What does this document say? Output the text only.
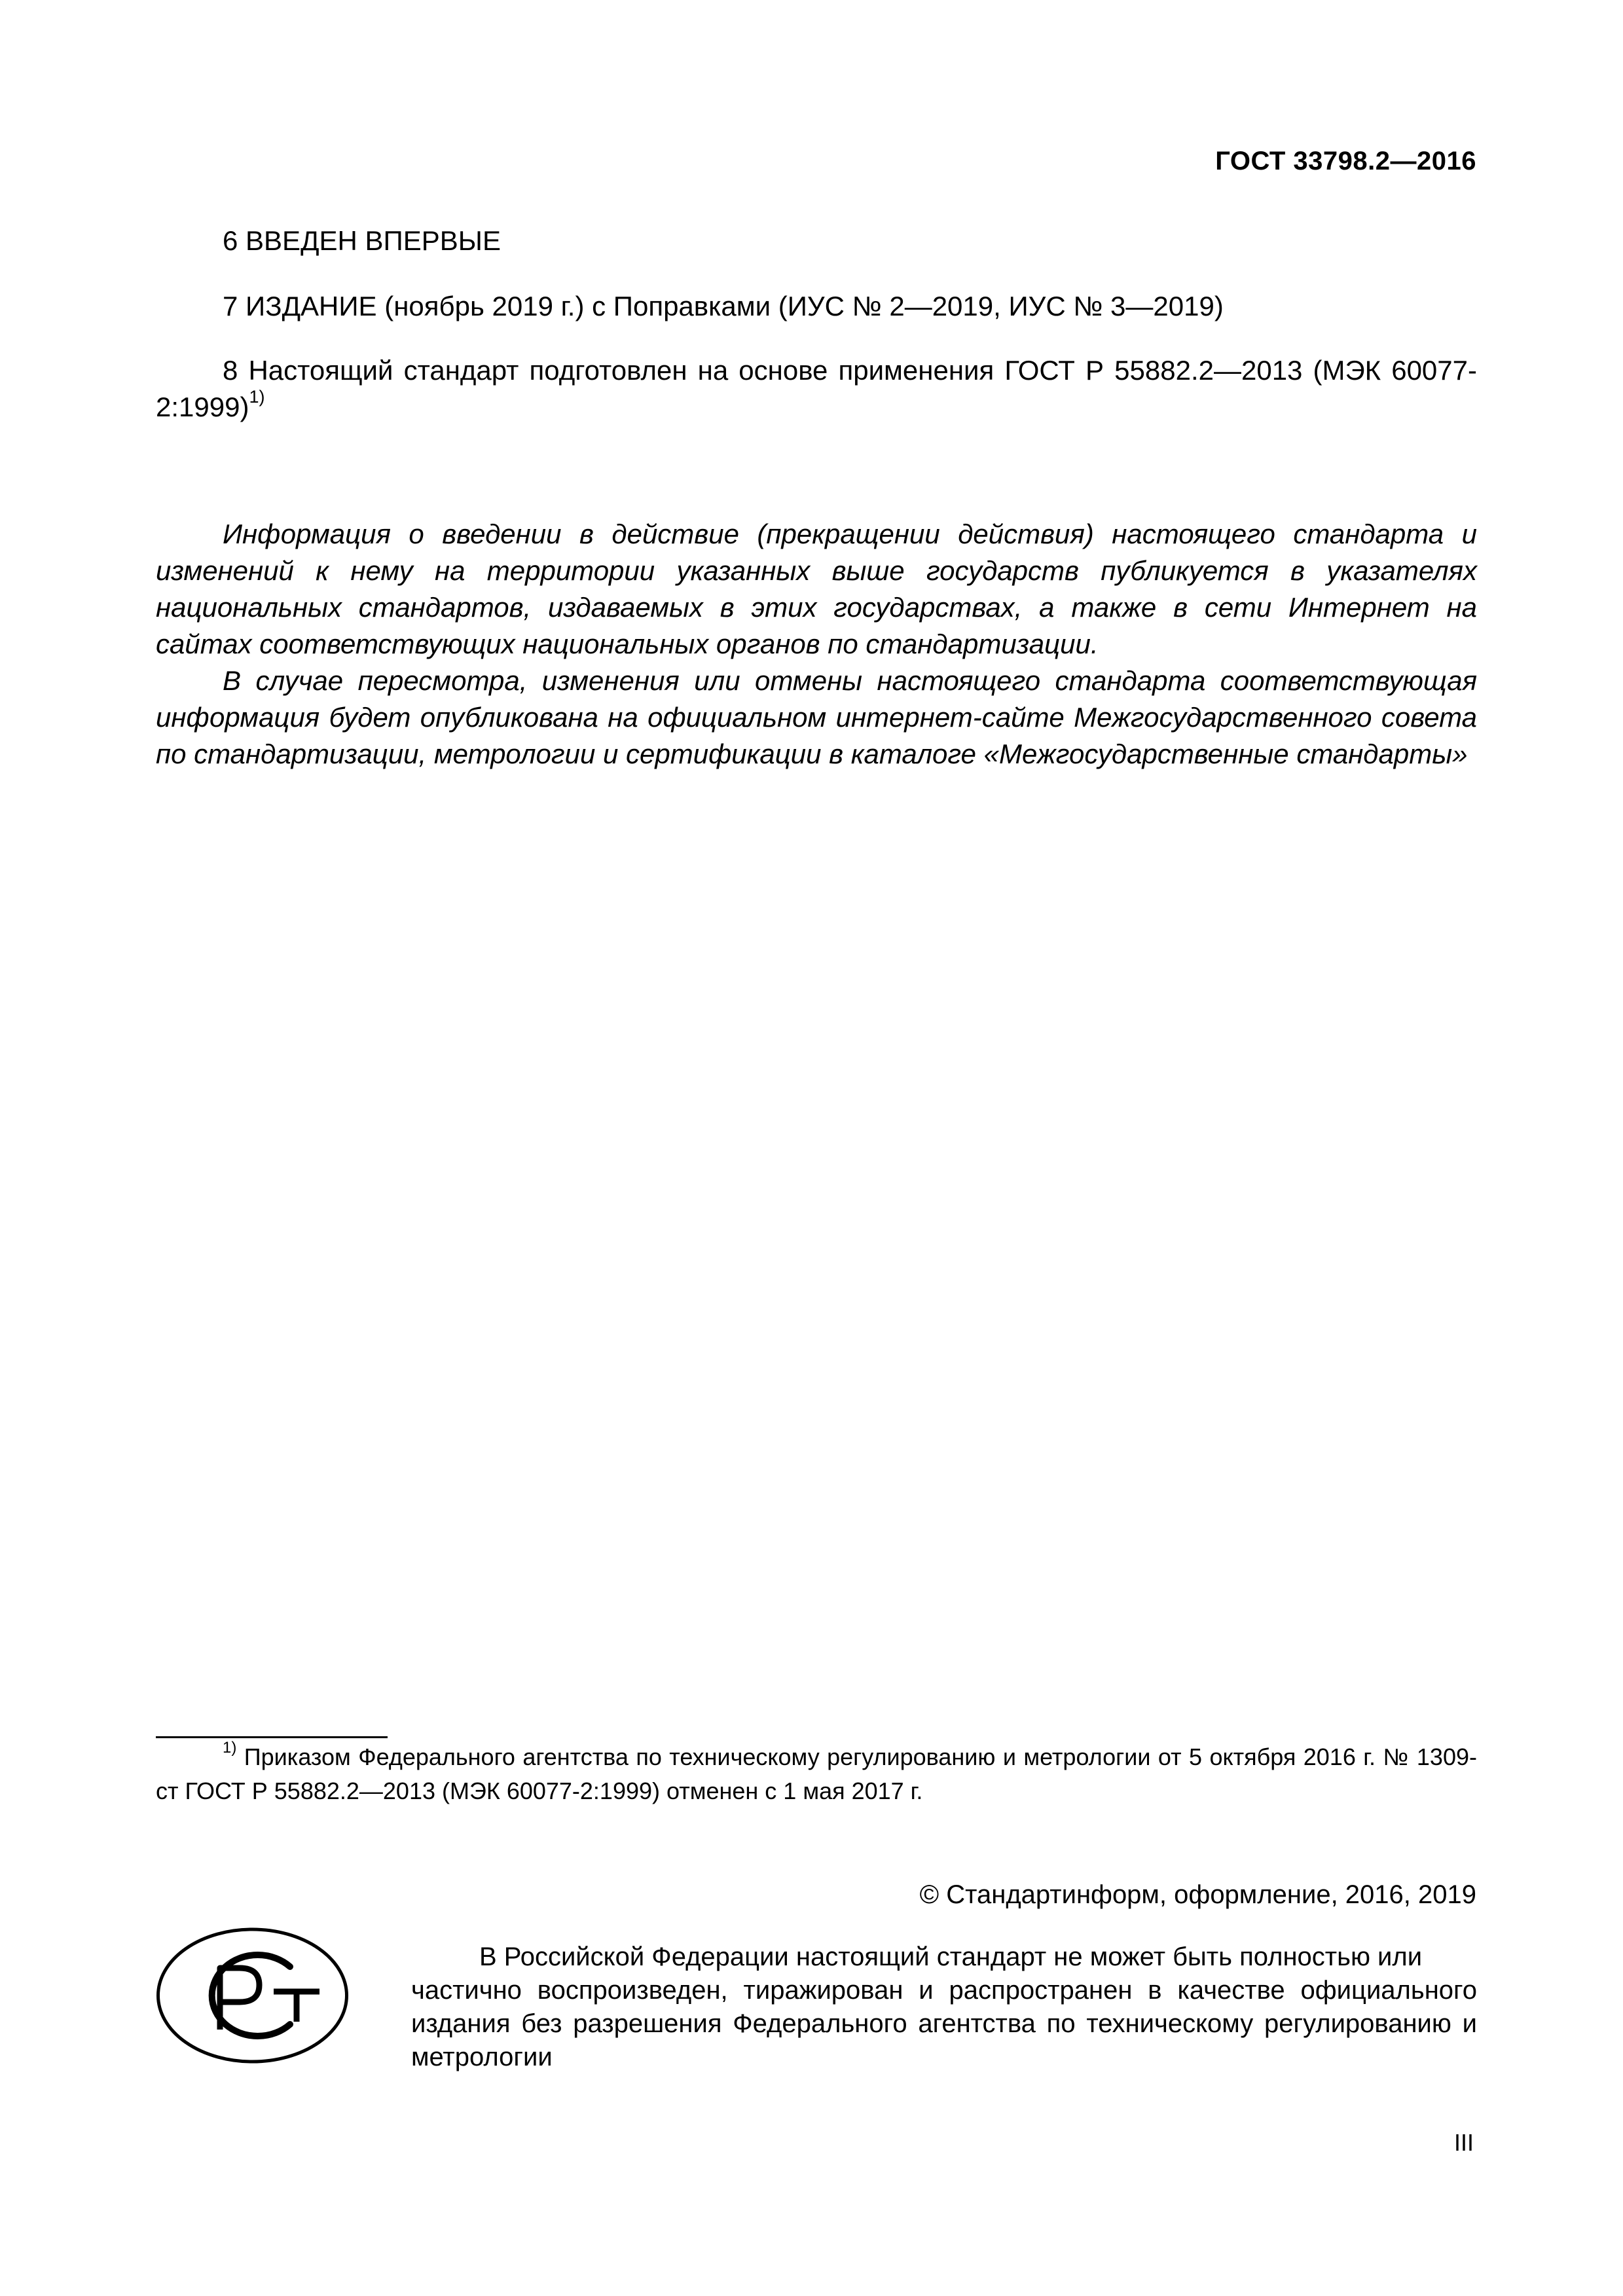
ГОСТ 33798.2—2016
6 ВВЕДЕН ВПЕРВЫЕ
7 ИЗДАНИЕ (ноябрь 2019 г.) с Поправками (ИУС № 2—2019, ИУС № 3—2019)
8 Настоящий стандарт подготовлен на основе применения ГОСТ Р 55882.2—2013 (МЭК 60077-2:1999)$^{1)}$

Информация о введении в действие (прекращении действия) настоящего стандарта и изменений к нему на территории указанных выше государств публикуется в указателях национальных стандартов, издаваемых в этих государствах, а также в сети Интернет на сайтах соответствующих национальных органов по стандартизации.

В случае пересмотра, изменения или отмены настоящего стандарта соответствующая информация будет опубликована на официальном интернет-сайте Межгосударственного совета по стандартизации, метрологии и сертификации в каталоге «Межгосударственные стандарты»

$^{1)}$ Приказом Федерального агентства по техническому регулированию и метрологии от 5 октября 2016 г. № 1309-ст ГОСТ Р 55882.2—2013 (МЭК 60077-2:1999) отменен с 1 мая 2017 г.
© Стандартинформ, оформление, 2016, 2019
В Российской Федерации настоящий стандарт не может быть полностью или
частично воспроизведен, тиражирован и распространен в качестве официального издания без разрешения Федерального агентства по техническому регулированию и метрологии
III
